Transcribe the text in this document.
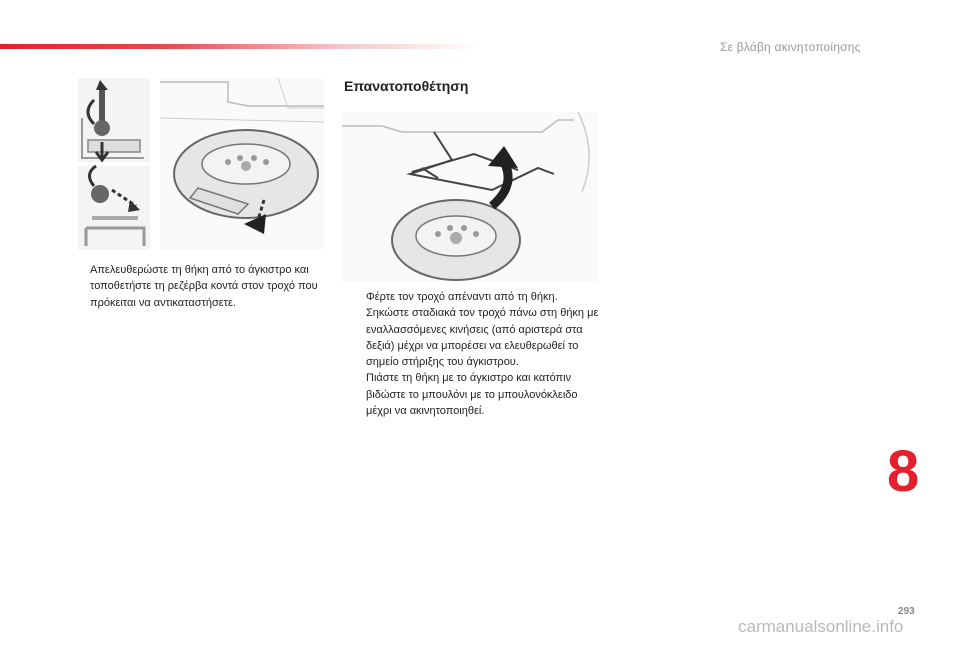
Σε βλάβη ακινητοποίησης
Απελευθερώστε τη θήκη από το άγκιστρο και τοποθετήστε τη ρεζέρβα κοντά στον τροχό που πρόκειται να αντικαταστήσετε.
Επανατοποθέτηση
Φέρτε τον τροχό απέναντι από τη θήκη.
Σηκώστε σταδιακά τον τροχό πάνω στη θήκη με εναλλασσόμενες κινήσεις (από αριστερά στα δεξιά) μέχρι να μπορέσει να ελευθερωθεί το σημείο στήριξης του άγκιστρου.
Πιάστε τη θήκη με το άγκιστρο και κατόπιν βιδώστε το μπουλόνι με το μπουλονόκλειδο μέχρι να ακινητοποιηθεί.
8
293
carmanualsonline.info
